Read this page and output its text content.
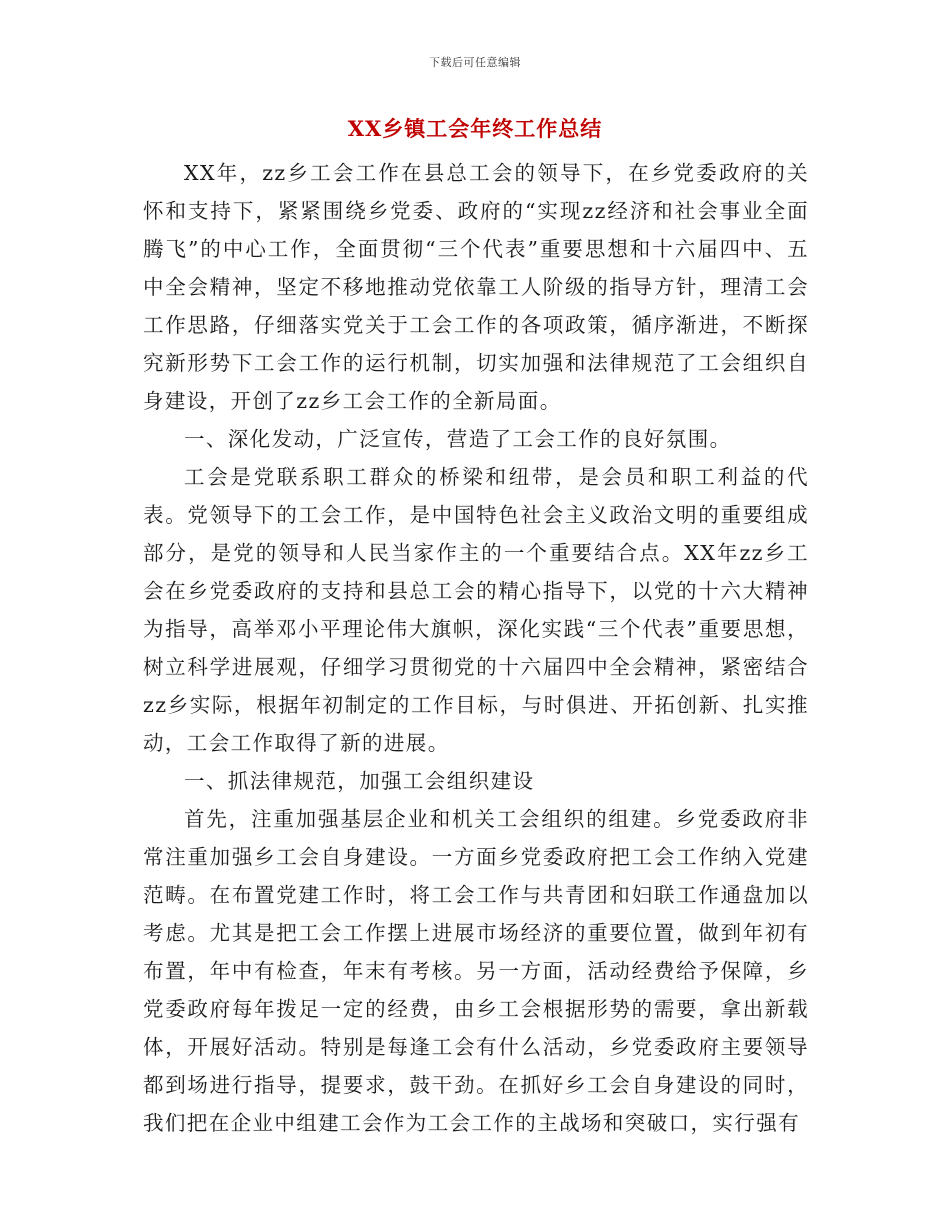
下载后可任意编辑
XX乡镇工会年终工作总结

XX年，zz乡工会工作在县总工会的领导下，在乡党委政府的关怀和支持下，紧紧围绕乡党委、政府的“实现zz经济和社会事业全面腾飞”的中心工作，全面贯彻“三个代表”重要思想和十六届四中、五中全会精神，坚定不移地推动党依靠工人阶级的指导方针，理清工会工作思路，仔细落实党关于工会工作的各项政策，循序渐进，不断探究新形势下工会工作的运行机制，切实加强和法律规范了工会组织自身建设，开创了zz乡工会工作的全新局面。

一、深化发动，广泛宣传，营造了工会工作的良好氛围。

工会是党联系职工群众的桥梁和纽带，是会员和职工利益的代表。党领导下的工会工作，是中国特色社会主义政治文明的重要组成部分，是党的领导和人民当家作主的一个重要结合点。XX年zz乡工会在乡党委政府的支持和县总工会的精心指导下，以党的十六大精神为指导，高举邓小平理论伟大旗帜，深化实践“三个代表”重要思想，树立科学进展观，仔细学习贯彻党的十六届四中全会精神，紧密结合zz乡实际，根据年初制定的工作目标，与时俱进、开拓创新、扎实推动，工会工作取得了新的进展。

一、抓法律规范，加强工会组织建设

首先，注重加强基层企业和机关工会组织的组建。乡党委政府非常注重加强乡工会自身建设。一方面乡党委政府把工会工作纳入党建范畴。在布置党建工作时，将工会工作与共青团和妇联工作通盘加以考虑。尤其是把工会工作摆上进展市场经济的重要位置，做到年初有布置，年中有检查，年末有考核。另一方面，活动经费给予保障，乡党委政府每年拨足一定的经费，由乡工会根据形势的需要，拿出新载体，开展好活动。特别是每逢工会有什么活动，乡党委政府主要领导都到场进行指导，提要求，鼓干劲。在抓好乡工会自身建设的同时，我们把在企业中组建工会作为工会工作的主战场和突破口，实行强有
